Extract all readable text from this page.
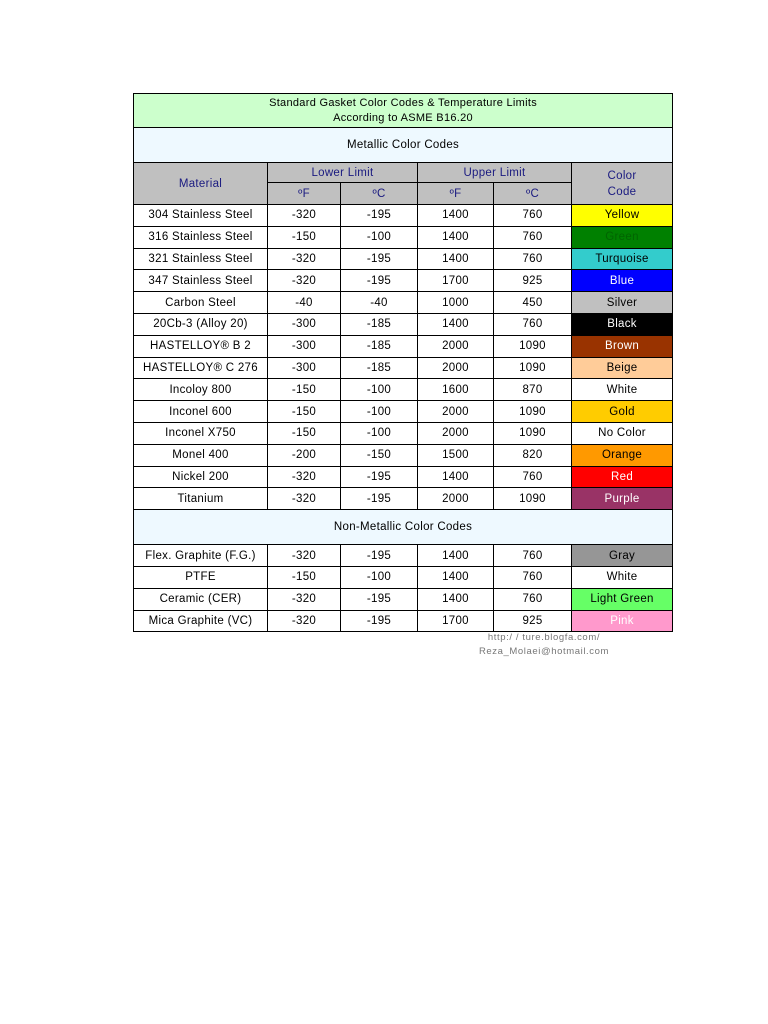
Standard Gasket Color Codes & Temperature Limits
According to ASME B16.20					

Metallic Color Codes					
Material	Lower Limit		Upper Limit		Color
Code
	ºF	ºC	ºF	ºC	
304 Stainless Steel	-320	-195	1400	760	Yellow
316 Stainless Steel	-150	-100	1400	760	Green
321 Stainless Steel	-320	-195	1400	760	Turquoise
347 Stainless Steel	-320	-195	1700	925	Blue
Carbon Steel	-40	-40	1000	450	Silver
20Cb-3 (Alloy 20)	-300	-185	1400	760	Black
HASTELLOY® B 2	-300	-185	2000	1090	Brown
HASTELLOY® C 276	-300	-185	2000	1090	Beige
Incoloy 800	-150	-100	1600	870	White
Inconel 600	-150	-100	2000	1090	Gold
Inconel X750	-150	-100	2000	1090	No Color
Monel 400	-200	-150	1500	820	Orange
Nickel 200	-320	-195	1400	760	Red
Titanium	-320	-195	2000	1090	Purple
Non-Metallic Color Codes					
Flex. Graphite (F.G.)	-320	-195	1400	760	Gray
PTFE	-150	-100	1400	760	White
Ceramic (CER)	-320	-195	1400	760	Light Green
Mica Graphite (VC)	-320	-195	1700	925	Pink
http:/ / ture.blogfa.com/
Reza_Molaei@hotmail.com
